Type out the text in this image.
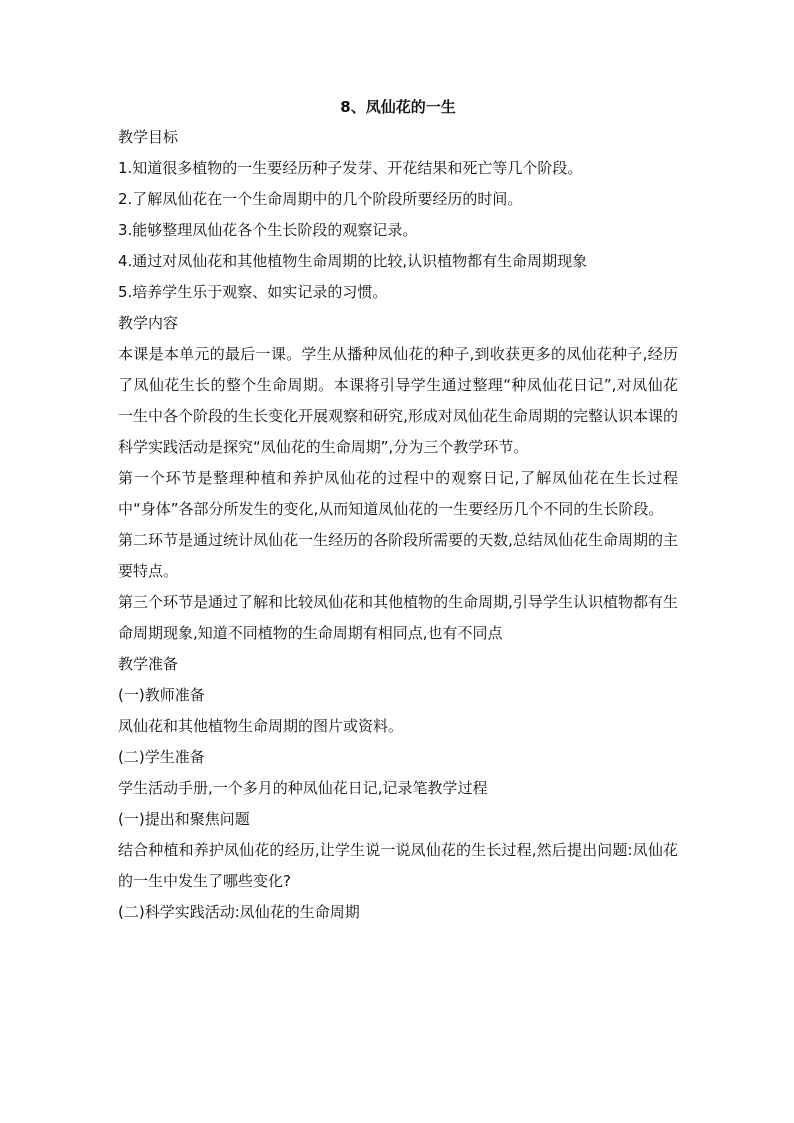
8、凤仙花的一生
教学目标
1.知道很多植物的一生要经历种子发芽、开花结果和死亡等几个阶段。
2.了解凤仙花在一个生命周期中的几个阶段所要经历的时间。
3.能够整理凤仙花各个生长阶段的观察记录。
4.通过对凤仙花和其他植物生命周期的比较,认识植物都有生命周期现象
5.培养学生乐于观察、如实记录的习惯。
教学内容
本课是本单元的最后一课。学生从播种凤仙花的种子,到收获更多的凤仙花种子,经历了凤仙花生长的整个生命周期。本课将引导学生通过整理“种凤仙花日记”,对凤仙花一生中各个阶段的生长变化开展观察和研究,形成对凤仙花生命周期的完整认识本课的科学实践活动是探究“凤仙花的生命周期”,分为三个教学环节。
第一个环节是整理种植和养护凤仙花的过程中的观察日记,了解凤仙花在生长过程中“身体”各部分所发生的变化,从而知道凤仙花的一生要经历几个不同的生长阶段。
第二环节是通过统计凤仙花一生经历的各阶段所需要的天数,总结凤仙花生命周期的主要特点。
第三个环节是通过了解和比较凤仙花和其他植物的生命周期,引导学生认识植物都有生命周期现象,知道不同植物的生命周期有相同点,也有不同点
教学准备
(一)教师准备
凤仙花和其他植物生命周期的图片或资料。
(二)学生准备
学生活动手册,一个多月的种凤仙花日记,记录笔教学过程
(一)提出和聚焦问题
结合种植和养护凤仙花的经历,让学生说一说凤仙花的生长过程,然后提出问题:凤仙花的一生中发生了哪些变化?
(二)科学实践活动:凤仙花的生命周期
